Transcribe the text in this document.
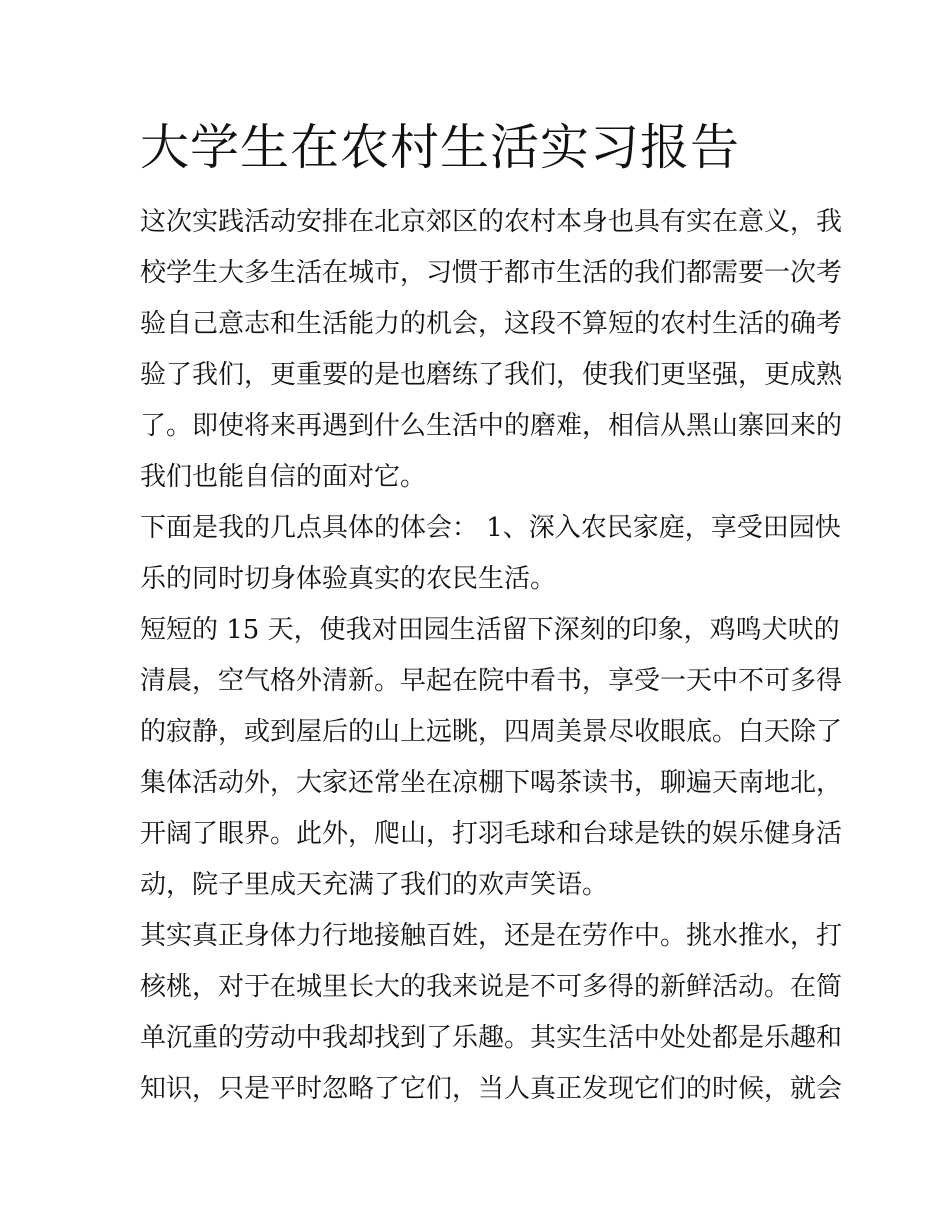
大学生在农村生活实习报告
这次实践活动安排在北京郊区的农村本身也具有实在意义，我
校学生大多生活在城市，习惯于都市生活的我们都需要一次考
验自己意志和生活能力的机会，这段不算短的农村生活的确考
验了我们，更重要的是也磨练了我们，使我们更坚强，更成熟
了。即使将来再遇到什么生活中的磨难，相信从黑山寨回来的
我们也能自信的面对它。
下面是我的几点具体的体会： 1、深入农民家庭，享受田园快
乐的同时切身体验真实的农民生活。
短短的 15 天，使我对田园生活留下深刻的印象，鸡鸣犬吠的
清晨，空气格外清新。早起在院中看书，享受一天中不可多得
的寂静，或到屋后的山上远眺，四周美景尽收眼底。白天除了
集体活动外，大家还常坐在凉棚下喝茶读书，聊遍天南地北，
开阔了眼界。此外，爬山，打羽毛球和台球是铁的娱乐健身活
动，院子里成天充满了我们的欢声笑语。
其实真正身体力行地接触百姓，还是在劳作中。挑水推水，打
核桃，对于在城里长大的我来说是不可多得的新鲜活动。在简
单沉重的劳动中我却找到了乐趣。其实生活中处处都是乐趣和
知识，只是平时忽略了它们，当人真正发现它们的时候，就会
